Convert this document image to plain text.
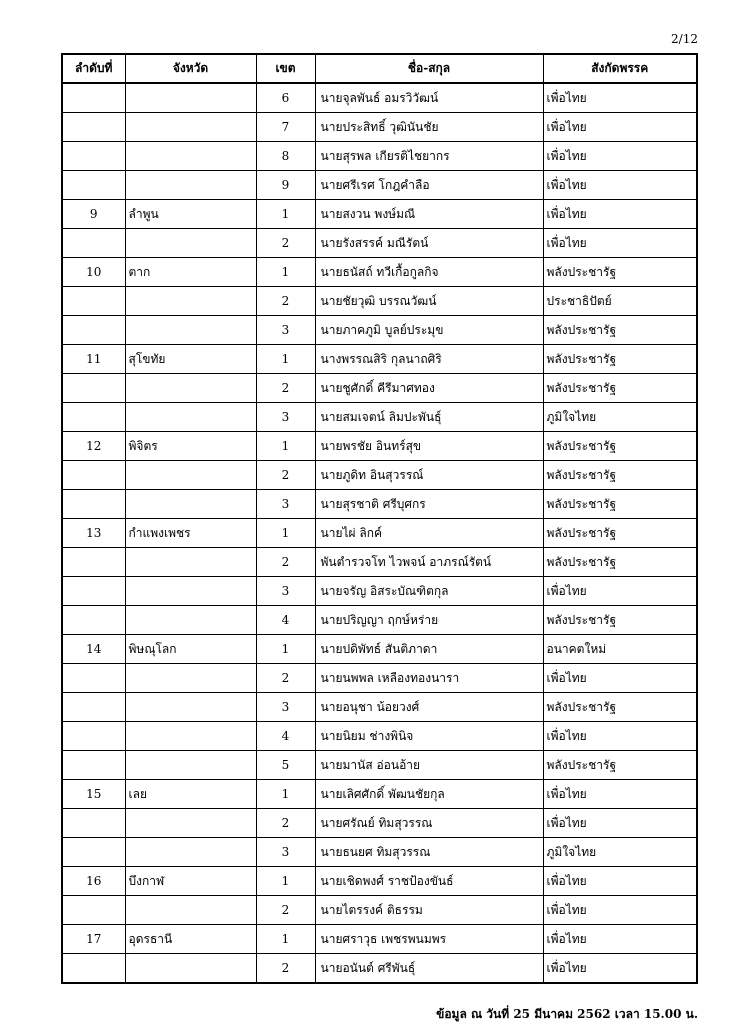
2/12
ลำดับที่	จังหวัด	เขต	ชื่อ-สกุล	สังกัดพรรค
		6	นายจุลพันธ์ อมรวิวัฒน์	เพื่อไทย
		7	นายประสิทธิ์ วุฒินันชัย	เพื่อไทย
		8	นายสุรพล เกียรติไชยากร	เพื่อไทย
		9	นายศรีเรศ โกฎคำลือ	เพื่อไทย
9	ลำพูน	1	นายสงวน พงษ์มณี	เพื่อไทย
		2	นายรังสรรค์ มณีรัตน์	เพื่อไทย
10	ตาก	1	นายธนัสถ์ ทวีเกื้อกูลกิจ	พลังประชารัฐ
		2	นายชัยวุฒิ บรรณวัฒน์	ประชาธิปัตย์
		3	นายภาคภูมิ บูลย์ประมุข	พลังประชารัฐ
11	สุโขทัย	1	นางพรรณสิริ กุลนาถศิริ	พลังประชารัฐ
		2	นายชูศักดิ์ คีรีมาศทอง	พลังประชารัฐ
		3	นายสมเจตน์ ลิมปะพันธุ์	ภูมิใจไทย
12	พิจิตร	1	นายพรชัย อินทร์สุข	พลังประชารัฐ
		2	นายภูดิท อินสุวรรณ์	พลังประชารัฐ
		3	นายสุรชาติ ศรีบุศกร	พลังประชารัฐ
13	กำแพงเพชร	1	นายไผ่ ลิกค์	พลังประชารัฐ
		2	พันตำรวจโท ไวพจน์ อาภรณ์รัตน์	พลังประชารัฐ
		3	นายจรัญ อิสระบัณฑิตกุล	เพื่อไทย
		4	นายปริญญา ฤกษ์หร่าย	พลังประชารัฐ
14	พิษณุโลก	1	นายปดิพัทธ์ สันติภาดา	อนาคตใหม่
		2	นายนพพล เหลืองทองนารา	เพื่อไทย
		3	นายอนุชา น้อยวงศ์	พลังประชารัฐ
		4	นายนิยม ช่างพินิจ	เพื่อไทย
		5	นายมานัส อ่อนอ้าย	พลังประชารัฐ
15	เลย	1	นายเลิศศักดิ์ พัฒนชัยกุล	เพื่อไทย
		2	นายศรัณย์ ทิมสุวรรณ	เพื่อไทย
		3	นายธนยศ ทิมสุวรรณ	ภูมิใจไทย
16	บึงกาฬ	1	นายเชิดพงศ์ ราชป้องขันธ์	เพื่อไทย
		2	นายไตรรงค์ ติธรรม	เพื่อไทย
17	อุดรธานี	1	นายศราวุธ เพชรพนมพร	เพื่อไทย
		2	นายอนันต์ ศรีพันธุ์	เพื่อไทย
ข้อมูล ณ วันที่ 25 มีนาคม 2562 เวลา 15.00 น.
